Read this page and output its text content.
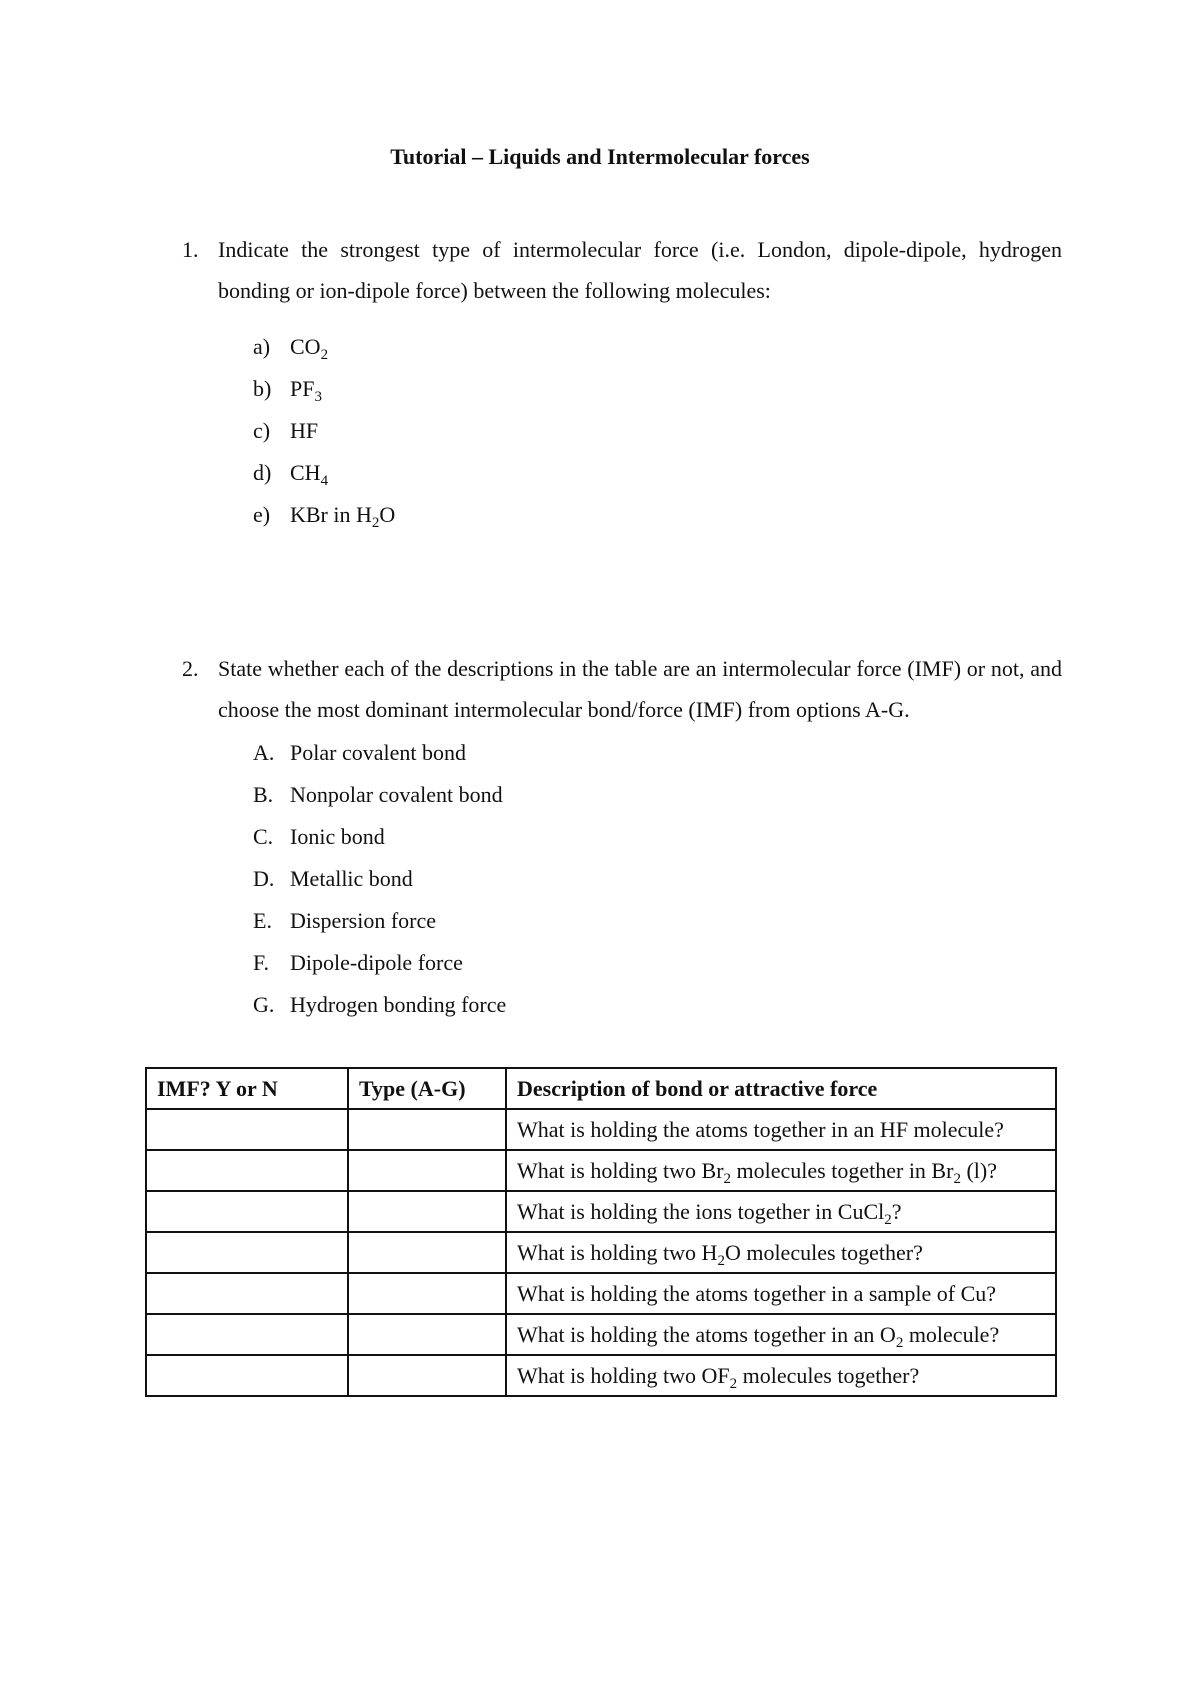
Tutorial – Liquids and Intermolecular forces
1. Indicate the strongest type of intermolecular force (i.e. London, dipole-dipole, hydrogen bonding or ion-dipole force) between the following molecules:
a) $CO_2$
b) $PF_3$
c) HF
d) $CH_4$
e) KBr in $H_2O$
2. State whether each of the descriptions in the table are an intermolecular force (IMF) or not, and choose the most dominant intermolecular bond/force (IMF) from options A-G.
A. Polar covalent bond
B. Nonpolar covalent bond
C. Ionic bond
D. Metallic bond
E. Dispersion force
F. Dipole-dipole force
G. Hydrogen bonding force
IMF? Y or N	Type (A-G)	Description of bond or attractive force
		What is holding the atoms together in an HF molecule?
		What is holding two $Br_2$ molecules together in $Br_2$ (l)?
		What is holding the ions together in CuCl$_2$?
		What is holding two $H_2O$ molecules together?
		What is holding the atoms together in a sample of Cu?
		What is holding the atoms together in an $O_2$ molecule?
		What is holding two $OF_2$ molecules together?
